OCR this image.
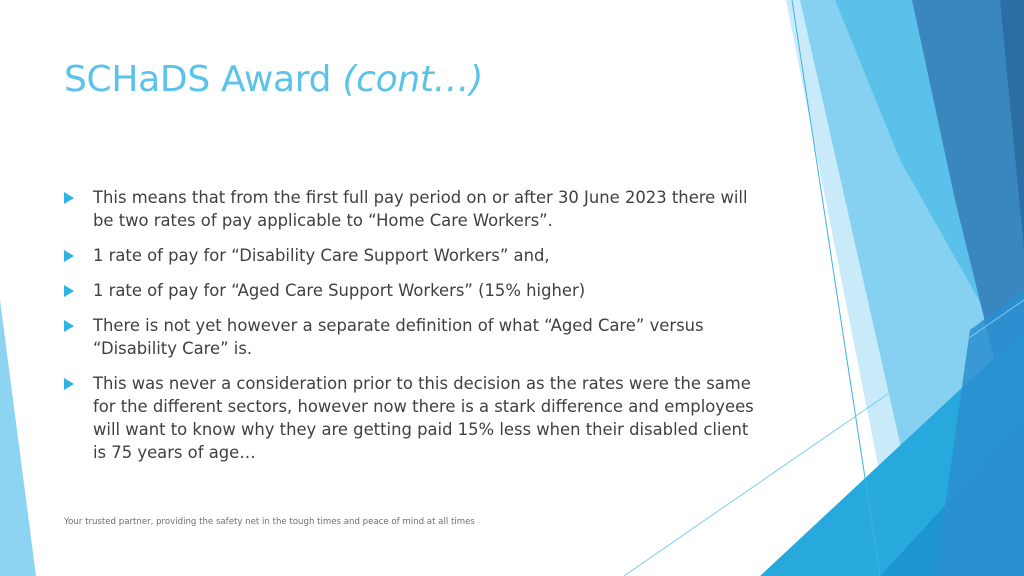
SCHaDS Award (cont…)
This means that from the first full pay period on or after 30 June 2023 there will be two rates of pay applicable to “Home Care Workers”.
1 rate of pay for “Disability Care Support Workers” and,
1 rate of pay for “Aged Care Support Workers” (15% higher)
There is not yet however a separate definition of what “Aged Care” versus “Disability Care” is.
This was never a consideration prior to this decision as the rates were the same for the different sectors, however now there is a stark difference and employees will want to know why they are getting paid 15% less when their disabled client is 75 years of age…
Your trusted partner, providing the safety net in the tough times and peace of mind at all times
